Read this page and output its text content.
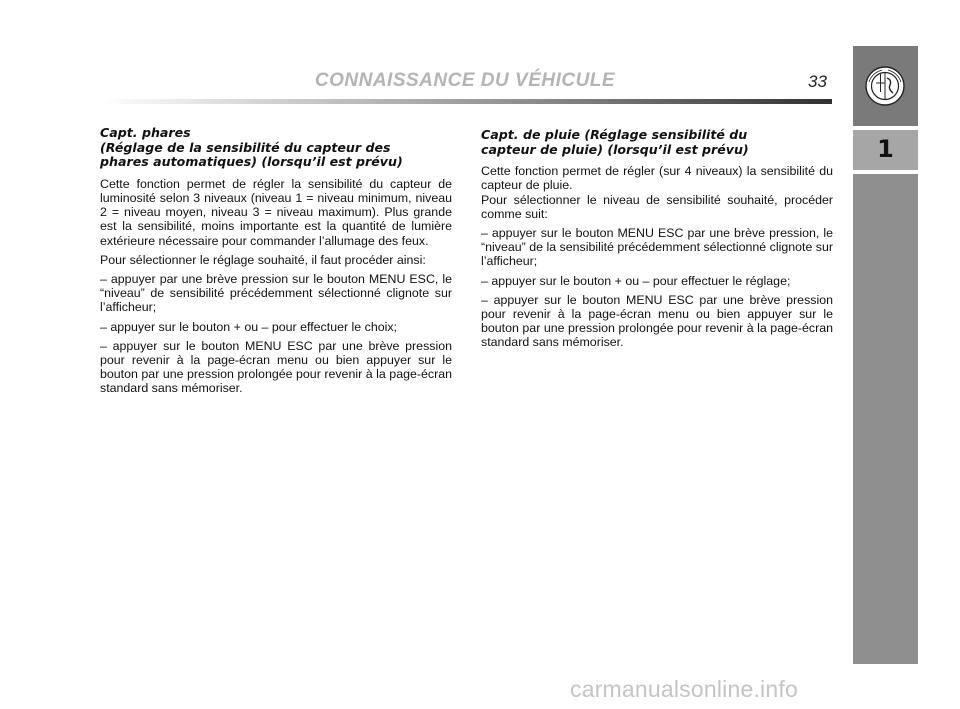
CONNAISSANCE DU VÉHICULE	33
1
Capt. phares
(Réglage de la sensibilité du capteur des
phares automatiques) (lorsqu’il est prévu)

Cette fonction permet de régler la sensibilité du capteur de luminosité selon 3 niveaux (niveau 1 = niveau minimum, niveau 2 = niveau moyen, niveau 3 = niveau maximum). Plus grande est la sensibilité, moins importante est la quantité de lumière extérieure nécessaire pour commander l’allumage des feux.

Pour sélectionner le réglage souhaité, il faut procéder ainsi:

– appuyer par une brève pression sur le bouton MENU ESC, le “niveau” de sensibilité précédemment sélectionné clignote sur l’afficheur;

– appuyer sur le bouton + ou – pour effectuer le choix;

– appuyer sur le bouton MENU ESC par une brève pression pour revenir à la page-écran menu ou bien appuyer sur le bouton par une pression prolongée pour revenir à la page-écran standard sans mémoriser.

Capt. de pluie (Réglage sensibilité du
capteur de pluie) (lorsqu’il est prévu)

Cette fonction permet de régler (sur 4 niveaux) la sensibilité du capteur de pluie.
Pour sélectionner le niveau de sensibilité souhaité, procéder comme suit:

– appuyer sur le bouton MENU ESC par une brève pression, le “niveau” de la sensibilité précédemment sélectionné clignote sur l’afficheur;

– appuyer sur le bouton + ou – pour effectuer le réglage;

– appuyer sur le bouton MENU ESC par une brève pression pour revenir à la page-écran menu ou bien appuyer sur le bouton par une pression prolongée pour revenir à la page-écran standard sans mémoriser.

carmanualsonline.info
